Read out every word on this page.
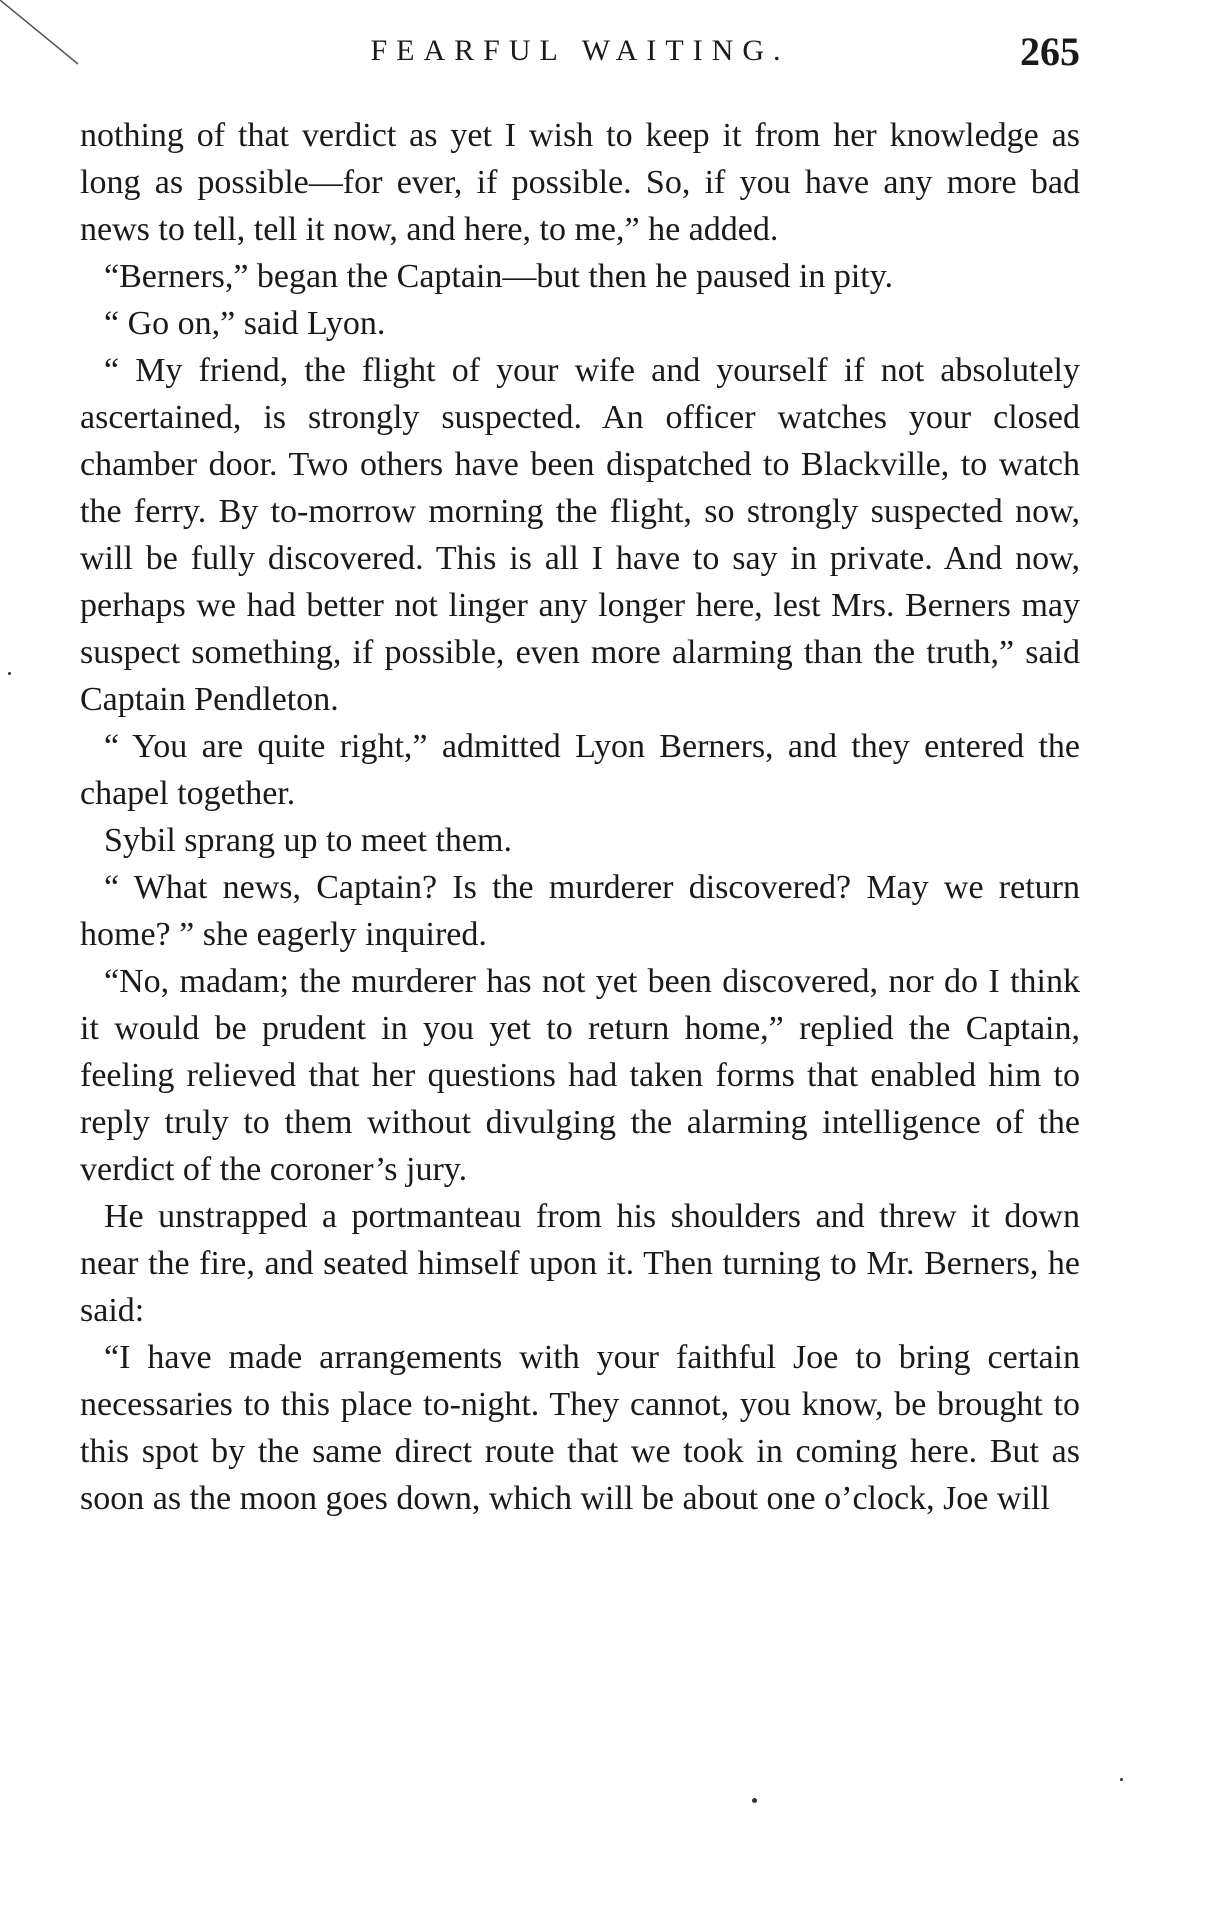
FEARFUL WAITING.	265

nothing of that verdict as yet I wish to keep it from her knowledge as long as possible—for ever, if possible. So, if you have any more bad news to tell, tell it now, and here, to me,” he added.

“Berners,” began the Captain—but then he paused in pity.

“ Go on,” said Lyon.

“ My friend, the flight of your wife and yourself if not absolutely ascertained, is strongly suspected. An officer watches your closed chamber door. Two others have been dispatched to Blackville, to watch the ferry. By to-morrow morning the flight, so strongly suspected now, will be fully discovered. This is all I have to say in private. And now, perhaps we had better not linger any longer here, lest Mrs. Berners may suspect something, if possible, even more alarming than the truth,” said Captain Pendleton.

“ You are quite right,” admitted Lyon Berners, and they entered the chapel together.

Sybil sprang up to meet them.

“ What news, Captain? Is the murderer discovered? May we return home? ” she eagerly inquired.

“No, madam; the murderer has not yet been discovered, nor do I think it would be prudent in you yet to return home,” replied the Captain, feeling relieved that her questions had taken forms that enabled him to reply truly to them without divulging the alarming intelligence of the verdict of the coroner’s jury.

He unstrapped a portmanteau from his shoulders and threw it down near the fire, and seated himself upon it. Then turning to Mr. Berners, he said:

“I have made arrangements with your faithful Joe to bring certain necessaries to this place to-night. They cannot, you know, be brought to this spot by the same direct route that we took in coming here. But as soon as the moon goes down, which will be about one o’clock, Joe will
